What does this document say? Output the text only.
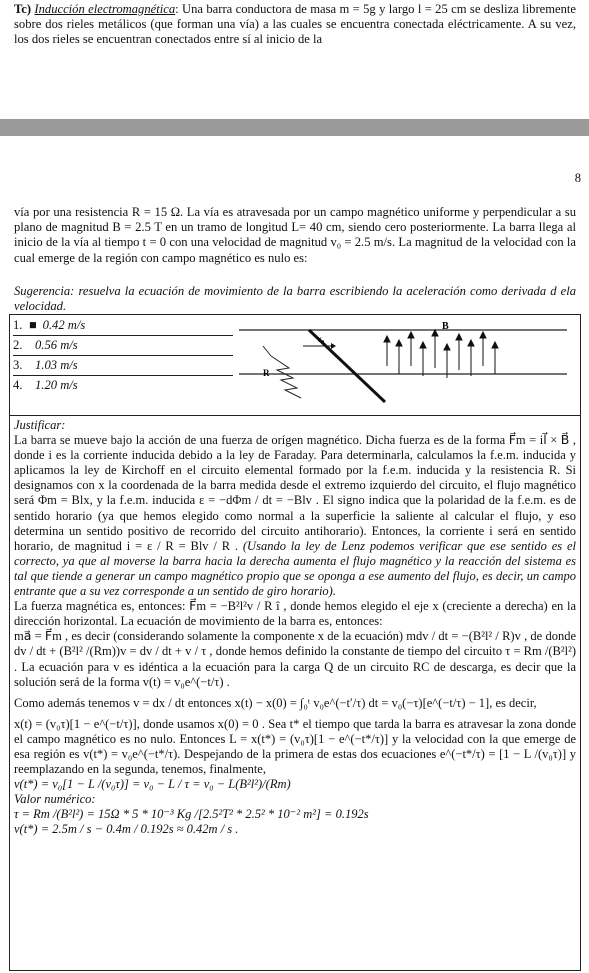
Tc) Inducción electromagnética: Una barra conductora de masa m = 5g y largo l = 25 cm se desliza libremente sobre dos rieles metálicos (que forman una vía) a las cuales se encuentra conectada eléctricamente. A su vez, los dos rieles se encuentran conectados entre sí al inicio de la

8

vía por una resistencia R = 15 Ω. La vía es atravesada por un campo magnético uniforme y perpendicular a su plano de magnitud B = 2.5 T en un tramo de longitud L= 40 cm, siendo cero posteriormente. La barra llega al inicio de la vía al tiempo t = 0 con una velocidad de magnitud v₀ = 2.5 m/s. La magnitud de la velocidad con la cual emerge de la región con campo magnético es nulo es:

Sugerencia: resuelva la ecuación de movimiento de la barra escribiendo la aceleración como derivada d ela velocidad.

1. ■ 0.42 m/s
2. 0.56 m/s
3. 1.03 m/s
4. 1.20 m/s
v₀
R
B
Justificar:
La barra se mueve bajo la acción de una fuerza de orígen magnético. Dicha fuerza es de la forma F⃗m = il⃗ × B⃗ , donde i es la corriente inducida debido a la ley de Faraday. Para determinarla, calculamos la f.e.m. inducida y aplicamos la ley de Kirchoff en el circuito elemental formado por la f.e.m. inducida y la resistencia R. Si designamos con x la coordenada de la barra medida desde el extremo izquierdo del circuito, el flujo magnético será Φm = Blx, y la f.e.m. inducida ε = −dΦm / dt = −Blv . El signo indica que la polaridad de la f.e.m. es de sentido horario (ya que hemos elegido como normal a la superficie la saliente al calcular el flujo, y eso determina un sentido positivo de recorrido del circuito antihorario). Entonces, la corriente i será en sentido horario, de magnitud i = ε / R = Blv / R . (Usando la ley de Lenz podemos verificar que ese sentido es el correcto, ya que al moverse la barra hacia la derecha aumenta el flujo magnético y la reacción del sistema es tal que tiende a generar un campo magnético propio que se oponga a ese aumento del flujo, es decir, un campo entrante que a su vez corresponde a un sentido de giro horario).
La fuerza magnética es, entonces: F⃗m = −B²l²v / R î , donde hemos elegido el eje x (creciente a derecha) en la dirección horizontal. La ecuación de movimiento de la barra es, entonces:
ma⃗ = F⃗m , es decir (considerando solamente la componente x de la ecuación) mdv / dt = −(B²l² / R)v , de donde dv / dt + (B²l² /(Rm))v = dv / dt + v / τ , donde hemos definido la constante de tiempo del circuito τ = Rm /(B²l²) . La ecuación para v es idéntica a la ecuación para la carga Q de un circuito RC de descarga, es decir que la solución será de la forma v(t) = v₀e^(−t/τ) .

Como además tenemos v = dx / dt entonces x(t) − x(0) = ∫₀ᵗ v₀e^(−t′/τ) dt = v₀(−τ)[e^(−t/τ) − 1], es decir,

x(t) = (v₀τ)[1 − e^(−t/τ)], donde usamos x(0) = 0 . Sea t* el tiempo que tarda la barra es atravesar la zona donde el campo magnético es no nulo. Entonces L = x(t*) = (v₀τ)[1 − e^(−t*/τ)] y la velocidad con la que emerge de esa región es v(t*) = v₀e^(−t*/τ). Despejando de la primera de estas dos ecuaciones e^(−t*/τ) = [1 − L /(v₀τ)] y reemplazando en la segunda, tenemos, finalmente,
v(t*) = v₀[1 − L /(v₀τ)] = v₀ − L / τ = v₀ − L(B²l²)/(Rm)
Valor numérico:
τ = Rm /(B²l²) = 15Ω * 5 * 10⁻³ Kg /[2.5²T² * 2.5² * 10⁻² m²] = 0.192s
v(t*) = 2.5m / s − 0.4m / 0.192s ≈ 0.42m / s .
